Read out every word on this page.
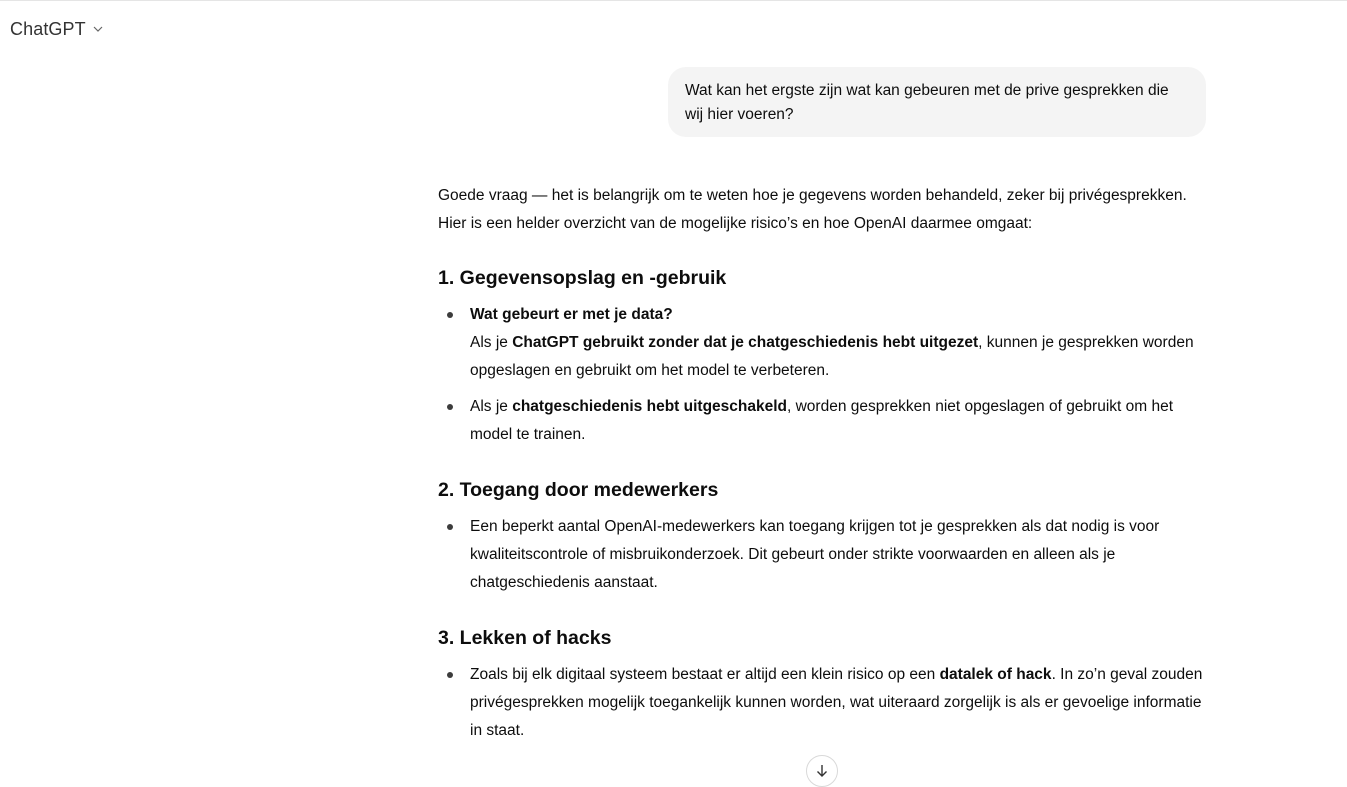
ChatGPT
Wat kan het ergste zijn wat kan gebeuren met de prive gesprekken die wij hier voeren?

Goede vraag — het is belangrijk om te weten hoe je gegevens worden behandeld, zeker bij privégesprekken.
Hier is een helder overzicht van de mogelijke risico’s en hoe OpenAI daarmee omgaat:

1. Gegevensopslag en -gebruik
Wat gebeurt er met je data?
Als je ChatGPT gebruikt zonder dat je chatgeschiedenis hebt uitgezet, kunnen je gesprekken worden opgeslagen en gebruikt om het model te verbeteren.
Als je chatgeschiedenis hebt uitgeschakeld, worden gesprekken niet opgeslagen of gebruikt om het model te trainen.
2. Toegang door medewerkers
Een beperkt aantal OpenAI-medewerkers kan toegang krijgen tot je gesprekken als dat nodig is voor kwaliteitscontrole of misbruikonderzoek. Dit gebeurt onder strikte voorwaarden en alleen als je chatgeschiedenis aanstaat.
3. Lekken of hacks
Zoals bij elk digitaal systeem bestaat er altijd een klein risico op een datalek of hack. In zo’n geval zouden privégesprekken mogelijk toegankelijk kunnen worden, wat uiteraard zorgelijk is als er gevoelige informatie in staat.
